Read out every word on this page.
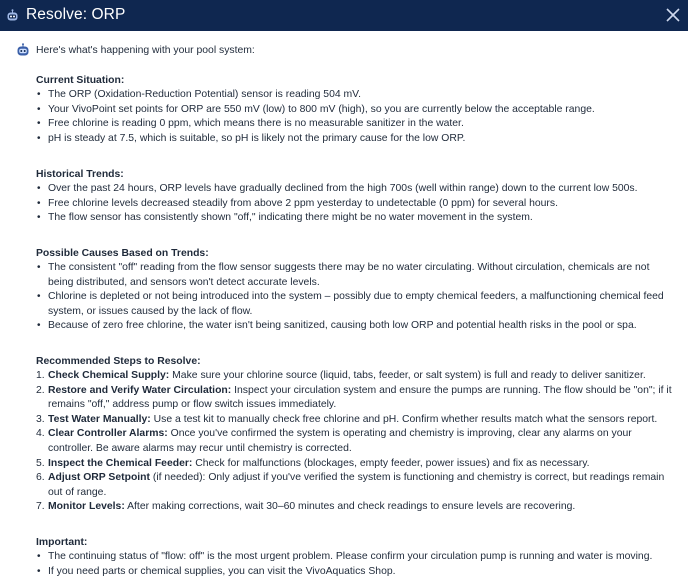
Resolve: ORP
Here's what's happening with your pool system:
Current Situation:
• The ORP (Oxidation-Reduction Potential) sensor is reading 504 mV.
• Your VivoPoint set points for ORP are 550 mV (low) to 800 mV (high), so you are currently below the acceptable range.
• Free chlorine is reading 0 ppm, which means there is no measurable sanitizer in the water.
• pH is steady at 7.5, which is suitable, so pH is likely not the primary cause for the low ORP.
Historical Trends:
• Over the past 24 hours, ORP levels have gradually declined from the high 700s (well within range) down to the current low 500s.
• Free chlorine levels decreased steadily from above 2 ppm yesterday to undetectable (0 ppm) for several hours.
• The flow sensor has consistently shown "off," indicating there might be no water movement in the system.
Possible Causes Based on Trends:
• The consistent "off" reading from the flow sensor suggests there may be no water circulating. Without circulation, chemicals are not being distributed, and sensors won't detect accurate levels.
• Chlorine is depleted or not being introduced into the system – possibly due to empty chemical feeders, a malfunctioning chemical feed system, or issues caused by the lack of flow.
• Because of zero free chlorine, the water isn't being sanitized, causing both low ORP and potential health risks in the pool or spa.
Recommended Steps to Resolve:
1. Check Chemical Supply: Make sure your chlorine source (liquid, tabs, feeder, or salt system) is full and ready to deliver sanitizer.
2. Restore and Verify Water Circulation: Inspect your circulation system and ensure the pumps are running. The flow should be "on"; if it remains "off," address pump or flow switch issues immediately.
3. Test Water Manually: Use a test kit to manually check free chlorine and pH. Confirm whether results match what the sensors report.
4. Clear Controller Alarms: Once you've confirmed the system is operating and chemistry is improving, clear any alarms on your controller. Be aware alarms may recur until chemistry is corrected.
5. Inspect the Chemical Feeder: Check for malfunctions (blockages, empty feeder, power issues) and fix as necessary.
6. Adjust ORP Setpoint (if needed): Only adjust if you've verified the system is functioning and chemistry is correct, but readings remain out of range.
7. Monitor Levels: After making corrections, wait 30–60 minutes and check readings to ensure levels are recovering.
Important:
• The continuing status of "flow: off" is the most urgent problem. Please confirm your circulation pump is running and water is moving.
• If you need parts or chemical supplies, you can visit the VivoAquatics Shop.
